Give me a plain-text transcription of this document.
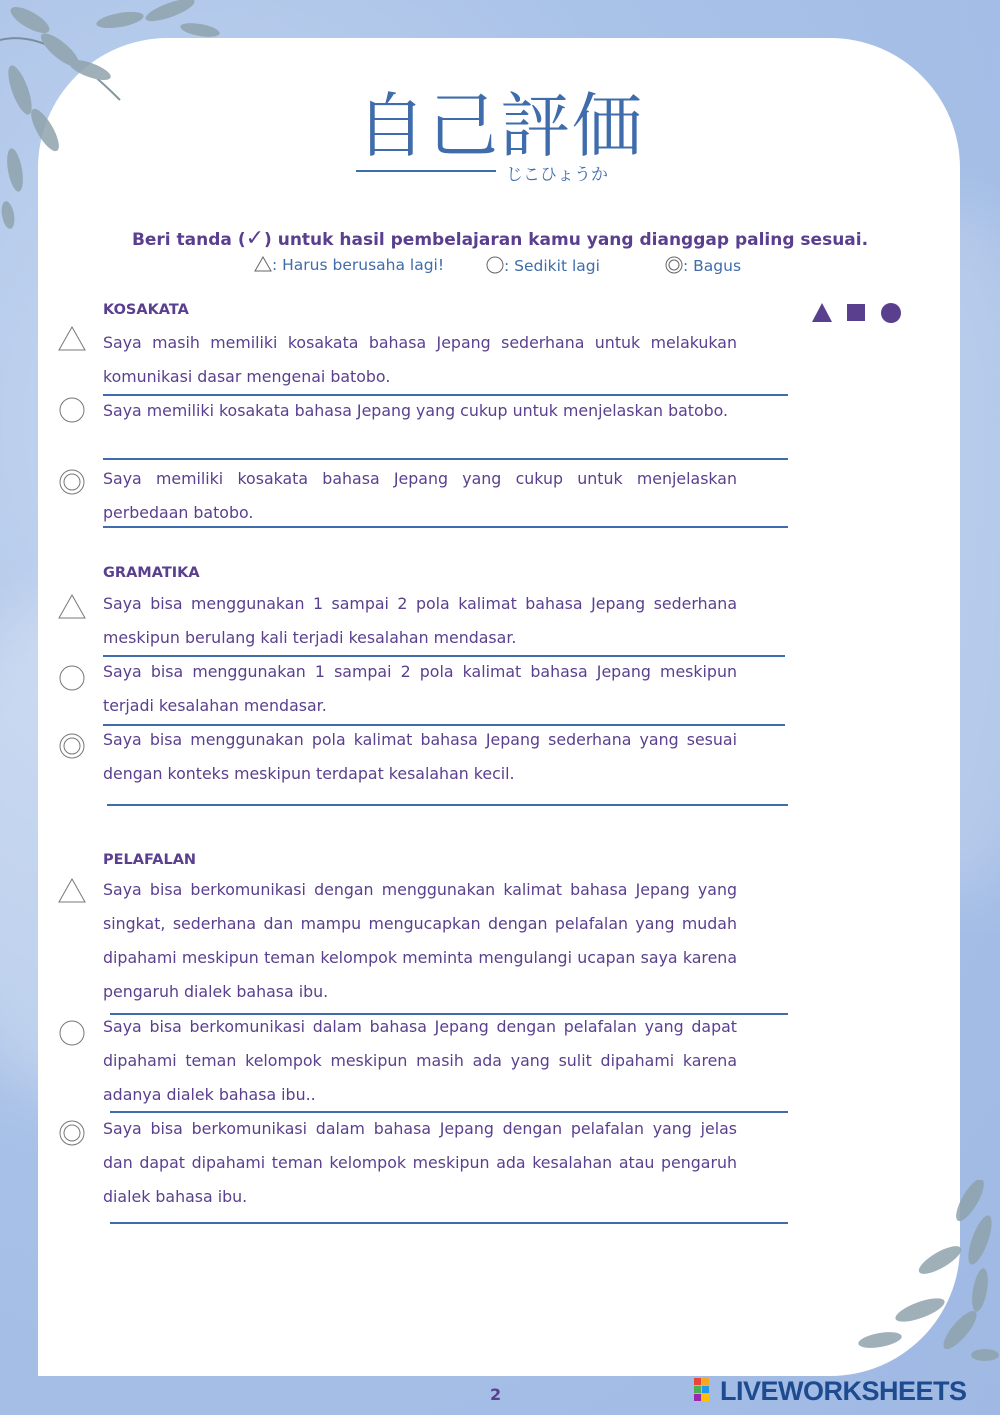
自己評価
じこひょうか
Beri tanda (✓) untuk hasil pembelajaran kamu yang dianggap paling sesuai.
: Harus berusaha lagi!	: Sedikit lagi	: Bagus
KOSAKATA
Saya masih memiliki kosakata bahasa Jepang sederhana untuk melakukan komunikasi dasar mengenai batobo.
Saya memiliki kosakata bahasa Jepang yang cukup untuk menjelaskan batobo.
Saya memiliki kosakata bahasa Jepang yang cukup untuk menjelaskan perbedaan batobo.
GRAMATIKA
Saya bisa menggunakan 1 sampai 2 pola kalimat bahasa Jepang sederhana meskipun berulang kali terjadi kesalahan mendasar.
Saya bisa menggunakan 1 sampai 2 pola kalimat bahasa Jepang meskipun terjadi kesalahan mendasar.
Saya bisa menggunakan pola kalimat bahasa Jepang sederhana yang sesuai dengan konteks meskipun terdapat kesalahan kecil.
PELAFALAN
Saya bisa berkomunikasi dengan menggunakan kalimat bahasa Jepang yang singkat, sederhana dan mampu mengucapkan dengan pelafalan yang mudah dipahami meskipun teman kelompok meminta mengulangi ucapan saya karena pengaruh dialek bahasa ibu.
Saya bisa berkomunikasi dalam bahasa Jepang dengan pelafalan yang dapat dipahami teman kelompok meskipun masih ada yang sulit dipahami karena adanya dialek bahasa ibu..
Saya bisa berkomunikasi dalam bahasa Jepang dengan pelafalan yang jelas dan dapat dipahami teman kelompok meskipun ada kesalahan atau pengaruh dialek bahasa ibu.
2	LIVEWORKSHEETS
